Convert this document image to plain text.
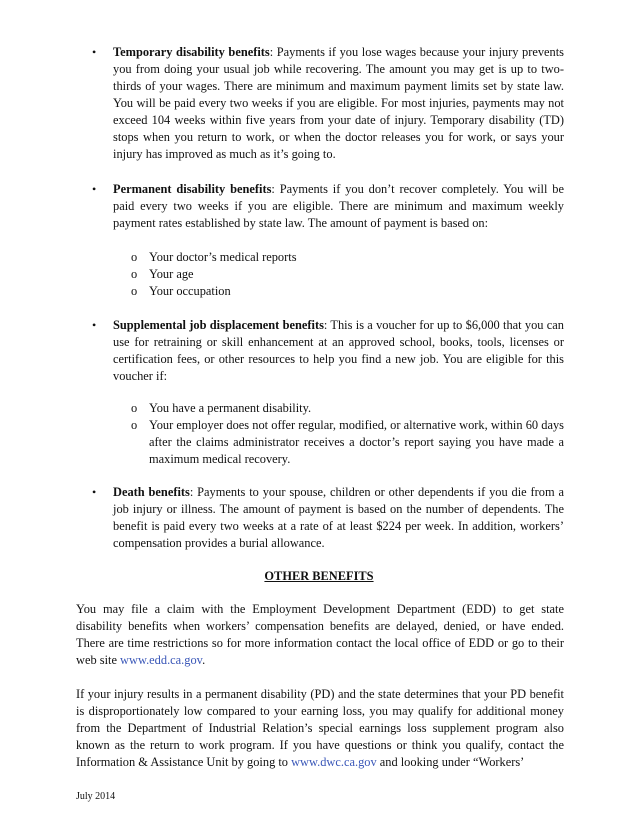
• Temporary disability benefits: Payments if you lose wages because your injury prevents you from doing your usual job while recovering. The amount you may get is up to two-thirds of your wages. There are minimum and maximum payment limits set by state law. You will be paid every two weeks if you are eligible. For most injuries, payments may not exceed 104 weeks within five years from your date of injury. Temporary disability (TD) stops when you return to work, or when the doctor releases you for work, or says your injury has improved as much as it’s going to.
• Permanent disability benefits: Payments if you don’t recover completely. You will be paid every two weeks if you are eligible. There are minimum and maximum weekly payment rates established by state law. The amount of payment is based on:
o Your doctor’s medical reports
o Your age
o Your occupation
• Supplemental job displacement benefits: This is a voucher for up to $6,000 that you can use for retraining or skill enhancement at an approved school, books, tools, licenses or certification fees, or other resources to help you find a new job. You are eligible for this voucher if:
o You have a permanent disability.
o Your employer does not offer regular, modified, or alternative work, within 60 days after the claims administrator receives a doctor’s report saying you have made a maximum medical recovery.
• Death benefits: Payments to your spouse, children or other dependents if you die from a job injury or illness. The amount of payment is based on the number of dependents. The benefit is paid every two weeks at a rate of at least $224 per week. In addition, workers’ compensation provides a burial allowance.
OTHER BENEFITS
You may file a claim with the Employment Development Department (EDD) to get state disability benefits when workers’ compensation benefits are delayed, denied, or have ended. There are time restrictions so for more information contact the local office of EDD or go to their web site www.edd.ca.gov.
If your injury results in a permanent disability (PD) and the state determines that your PD benefit is disproportionately low compared to your earning loss, you may qualify for additional money from the Department of Industrial Relation’s special earnings loss supplement program also known as the return to work program. If you have questions or think you qualify, contact the Information & Assistance Unit by going to www.dwc.ca.gov and looking under “Workers’
July 2014
